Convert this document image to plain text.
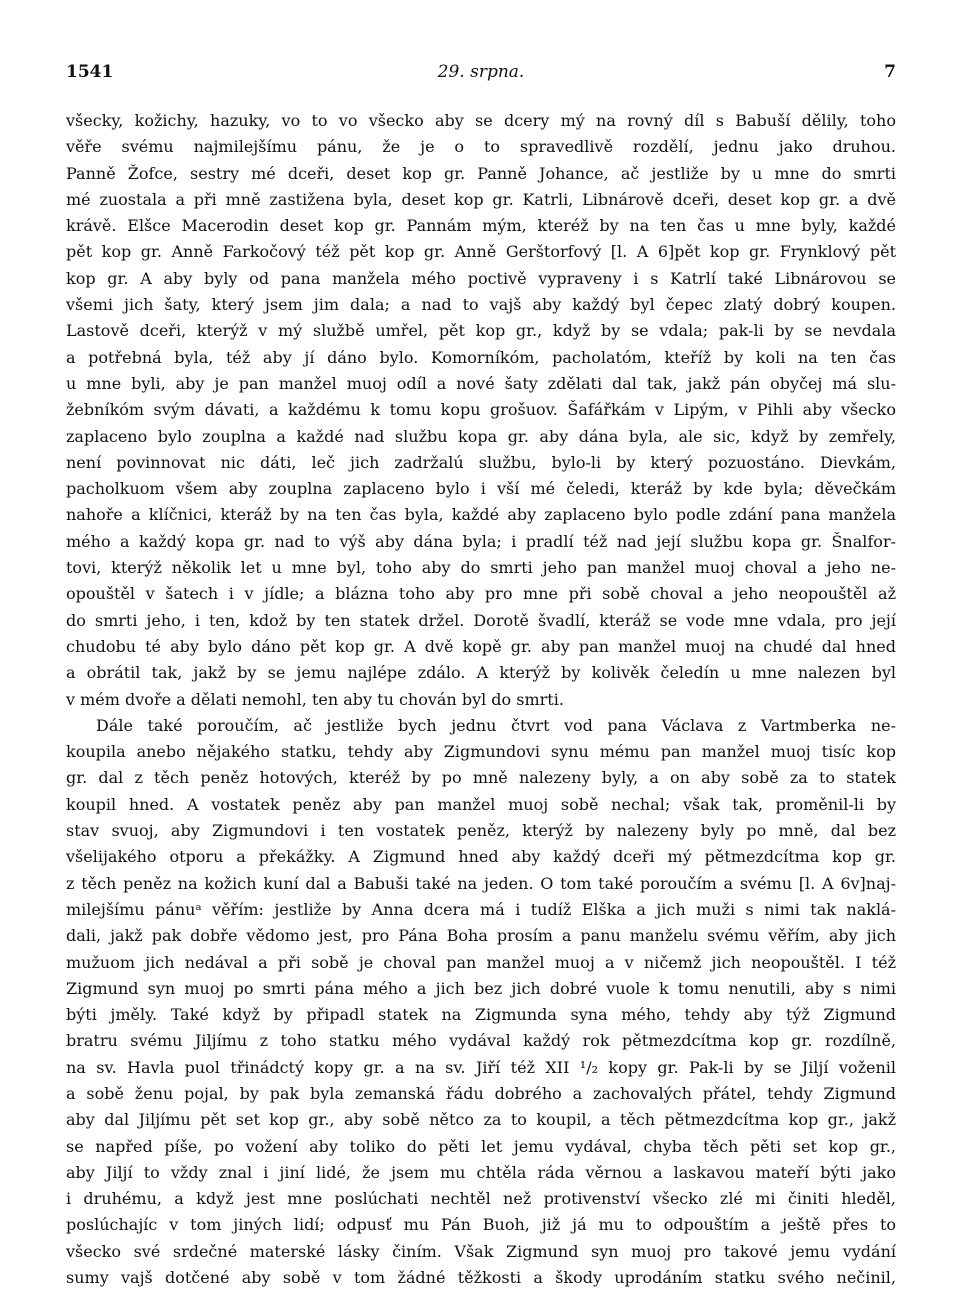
1541	29. srpna.	7
všecky, kožichy, hazuky, vo to vo všecko aby se dcery mý na rovný díl s Babuší dělily, toho
věře svému najmilejšímu pánu, že je o to spravedlivě rozdělí, jednu jako druhou.
Panně Žofce, sestry mé dceři, deset kop gr. Panně Johance, ač jestliže by u mne do smrti
mé zuostala a při mně zastižena byla, deset kop gr. Katrli, Libnárově dceři, deset kop gr. a dvě
krávě. Elšce Macerodin deset kop gr. Pannám mým, kteréž by na ten čas u mne byly, každé
pět kop gr. Anně Farkočový též pět kop gr. Anně Gerštorfový [l. A 6]pět kop gr. Frynklový pět
kop gr. A aby byly od pana manžela mého poctivě vypraveny i s Katrlí také Libnárovou se
všemi jich šaty, který jsem jim dala; a nad to vajš aby každý byl čepec zlatý dobrý koupen.
Lastově dceři, kterýž v mý službě umřel, pět kop gr., když by se vdala; pak-li by se nevdala
a potřebná byla, též aby jí dáno bylo. Komorníkóm, pacholatóm, kteříž by koli na ten čas
u mne byli, aby je pan manžel muoj odíl a nové šaty zdělati dal tak, jakž pán obyčej má slu-
žebníkóm svým dávati, a každému k tomu kopu grošuov. Šafářkám v Lipým, v Pihli aby všecko
zaplaceno bylo zouplna a každé nad službu kopa gr. aby dána byla, ale sic, když by zemřely,
není povinnovat nic dáti, leč jich zadržalú službu, bylo-li by který pozuostáno. Dievkám,
pacholkuom všem aby zouplna zaplaceno bylo i vší mé čeledi, kteráž by kde byla; děvečkám
nahoře a klíčnici, kteráž by na ten čas byla, každé aby zaplaceno bylo podle zdání pana manžela
mého a každý kopa gr. nad to výš aby dána byla; i pradlí též nad její službu kopa gr. Šnalfor-
tovi, kterýž několik let u mne byl, toho aby do smrti jeho pan manžel muoj choval a jeho ne-
opouštěl v šatech i v jídle; a blázna toho aby pro mne při sobě choval a jeho neopouštěl až
do smrti jeho, i ten, kdož by ten statek držel. Dorotě švadlí, kteráž se vode mne vdala, pro její
chudobu té aby bylo dáno pět kop gr. A dvě kopě gr. aby pan manžel muoj na chudé dal hned
a obrátil tak, jakž by se jemu najlépe zdálo. A kterýž by kolivěk čeledín u mne nalezen byl
v mém dvoře a dělati nemohl, ten aby tu chován byl do smrti.
Dále také poroučím, ač jestliže bych jednu čtvrt vod pana Václava z Vartmberka ne-
koupila anebo nějakého statku, tehdy aby Zigmundovi synu mému pan manžel muoj tisíc kop
gr. dal z těch peněz hotových, kteréž by po mně nalezeny byly, a on aby sobě za to statek
koupil hned. A vostatek peněz aby pan manžel muoj sobě nechal; však tak, proměnil-li by
stav svuoj, aby Zigmundovi i ten vostatek peněz, kterýž by nalezeny byly po mně, dal bez
všelijakého otporu a překážky. A Zigmund hned aby každý dceři mý pětmezdcítma kop gr.
z těch peněz na kožich kuní dal a Babuši také na jeden. O tom také poroučím a svému [l. A 6v]naj-
milejšímu pánuᵃ věřím: jestliže by Anna dcera má i tudíž Elška a jich muži s nimi tak naklá-
dali, jakž pak dobře vědomo jest, pro Pána Boha prosím a panu manželu svému věřím, aby jich
mužuom jich nedával a při sobě je choval pan manžel muoj a v ničemž jich neopouštěl. I též
Zigmund syn muoj po smrti pána mého a jich bez jich dobré vuole k tomu nenutili, aby s nimi
býti jměly. Také když by připadl statek na Zigmunda syna mého, tehdy aby týž Zigmund
bratru svému Jiljímu z toho statku mého vydával každý rok pětmezdcítma kop gr. rozdílně,
na sv. Havla puol třinádctý kopy gr. a na sv. Jiří též XII ¹/₂ kopy gr. Pak-li by se Jiljí voženil
a sobě ženu pojal, by pak byla zemanská řádu dobrého a zachovalých přátel, tehdy Zigmund
aby dal Jiljímu pět set kop gr., aby sobě nětco za to koupil, a těch pětmezdcítma kop gr., jakž
se napřed píše, po vožení aby toliko do pěti let jemu vydával, chyba těch pěti set kop gr.,
aby Jiljí to vždy znal i jiní lidé, že jsem mu chtěla ráda věrnou a laskavou mateří býti jako
i druhému, a když jest mne poslúchati nechtěl než protivenství všecko zlé mi činiti hleděl,
poslúchajíc v tom jiných lidí; odpusť mu Pán Buoh, již já mu to odpouštím a ještě přes to
všecko své srdečné materské lásky činím. Však Zigmund syn muoj pro takové jemu vydání
sumy vajš dotčené aby sobě v tom žádné těžkosti a škody uprodáním statku svého nečinil,
